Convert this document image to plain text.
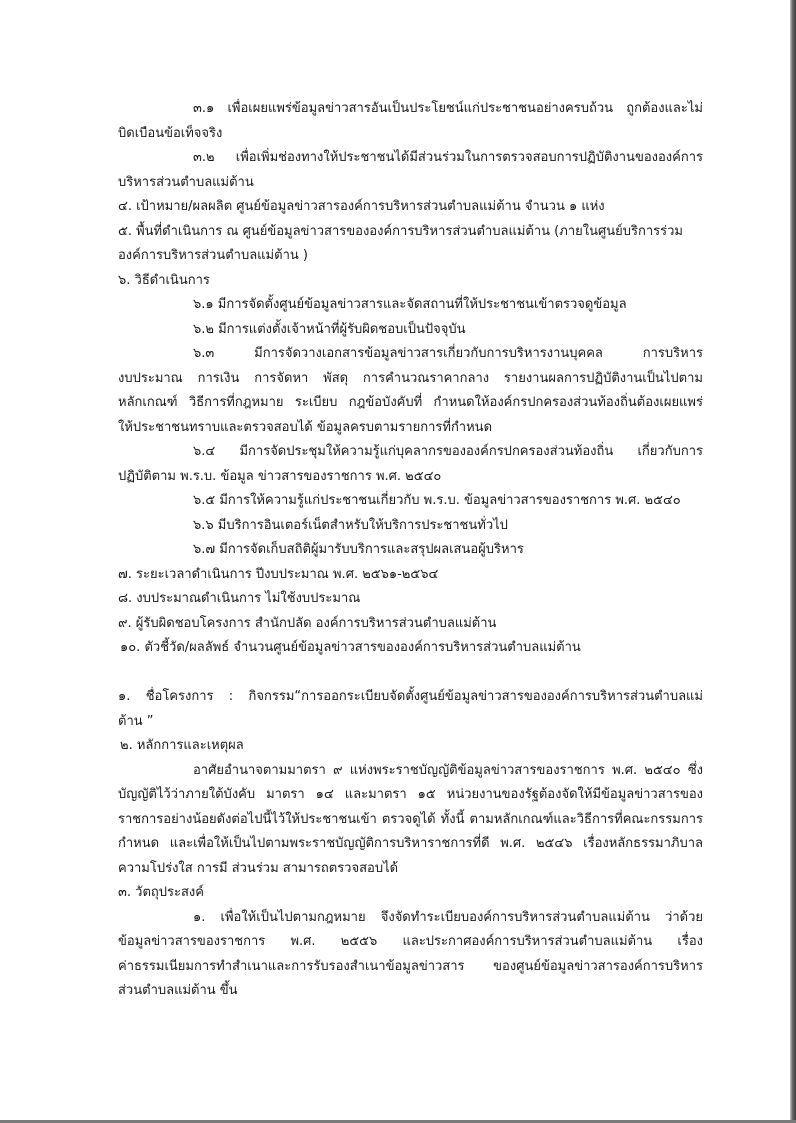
๓.๑ เพื่อเผยแพร่ข้อมูลข่าวสารอันเป็นประโยชน์แก่ประชาชนอย่างครบถ้วน ถูกต้องและไม่
บิดเบือนข้อเท็จจริง
๓.๒ เพื่อเพิ่มช่องทางให้ประชาชนได้มีส่วนร่วมในการตรวจสอบการปฏิบัติงานขององค์การ
บริหารส่วนตำบลแม่ต้าน
๔. เป้าหมาย/ผลผลิต ศูนย์ข้อมูลข่าวสารองค์การบริหารส่วนตำบลแม่ต้าน จำนวน ๑ แห่ง
๕. พื้นที่ดำเนินการ ณ ศูนย์ข้อมูลข่าวสารขององค์การบริหารส่วนตำบลแม่ต้าน (ภายในศูนย์บริการร่วม
องค์การบริหารส่วนตำบลแม่ต้าน )
๖. วิธีดำเนินการ
๖.๑ มีการจัดตั้งศูนย์ข้อมูลข่าวสารและจัดสถานที่ให้ประชาชนเข้าตรวจดูข้อมูล
๖.๒ มีการแต่งตั้งเจ้าหน้าที่ผู้รับผิดชอบเป็นปัจจุบัน
๖.๓ มีการจัดวางเอกสารข้อมูลข่าวสารเกี่ยวกับการบริหารงานบุคคล การบริหาร
งบประมาณ การเงิน การจัดหา พัสดุ การคำนวณราคากลาง รายงานผลการปฏิบัติงานเป็นไปตาม
หลักเกณฑ์ วิธีการที่กฎหมาย ระเบียบ กฎข้อบังคับที่ กำหนดให้องค์กรปกครองส่วนท้องถิ่นต้องเผยแพร่
ให้ประชาชนทราบและตรวจสอบได้ ข้อมูลครบตามรายการที่กำหนด
๖.๔ มีการจัดประชุมให้ความรู้แก่บุคลากรขององค์กรปกครองส่วนท้องถิ่น เกี่ยวกับการ
ปฏิบัติตาม พ.ร.บ. ข้อมูล ข่าวสารของราชการ พ.ศ. ๒๕๔๐
๖.๕ มีการให้ความรู้แก่ประชาชนเกี่ยวกับ พ.ร.บ. ข้อมูลข่าวสารของราชการ พ.ศ. ๒๕๔๐
๖.๖ มีบริการอินเตอร์เน็ตสำหรับให้บริการประชาชนทั่วไป
๖.๗ มีการจัดเก็บสถิติผู้มารับบริการและสรุปผลเสนอผู้บริหาร
๗. ระยะเวลาดำเนินการ ปีงบประมาณ พ.ศ. ๒๕๖๑-๒๕๖๔
๘. งบประมาณดำเนินการ ไม่ใช้งบประมาณ
๙. ผู้รับผิดชอบโครงการ สำนักปลัด องค์การบริหารส่วนตำบลแม่ต้าน
๑๐. ตัวชี้วัด/ผลลัพธ์ จำนวนศูนย์ข้อมูลข่าวสารขององค์การบริหารส่วนตำบลแม่ต้าน
๑. ชื่อโครงการ : กิจกรรม“การออกระเบียบจัดตั้งศูนย์ข้อมูลข่าวสารขององค์การบริหารส่วนตำบลแม่
ต้าน ”
๒. หลักการและเหตุผล
อาศัยอำนาจตามมาตรา ๙ แห่งพระราชบัญญัติข้อมูลข่าวสารของราชการ พ.ศ. ๒๕๔๐ ซึ่ง
บัญญัติไว้ว่าภายใต้บังคับ มาตรา ๑๔ และมาตรา ๑๕ หน่วยงานของรัฐต้องจัดให้มีข้อมูลข่าวสารของ
ราชการอย่างน้อยดังต่อไปนี้ไว้ให้ประชาชนเข้า ตรวจดูได้ ทั้งนี้ ตามหลักเกณฑ์และวิธีการที่คณะกรรมการ
กำหนด และเพื่อให้เป็นไปตามพระราชบัญญัติการบริหาราชการที่ดี พ.ศ. ๒๕๔๖ เรื่องหลักธรรมาภิบาล
ความโปร่งใส การมี ส่วนร่วม สามารถตรวจสอบได้
๓. วัตถุประสงค์
๑. เพื่อให้เป็นไปตามกฎหมาย จึงจัดทำระเบียบองค์การบริหารส่วนตำบลแม่ต้าน ว่าด้วย
ข้อมูลข่าวสารของราชการ พ.ศ. ๒๕๕๖ และประกาศองค์การบริหารส่วนตำบลแม่ต้าน เรื่อง
ค่าธรรมเนียมการทำสำเนาและการรับรองสำเนาข้อมูลข่าวสาร ของศูนย์ข้อมูลข่าวสารองค์การบริหาร
ส่วนตำบลแม่ต้าน ขึ้น
